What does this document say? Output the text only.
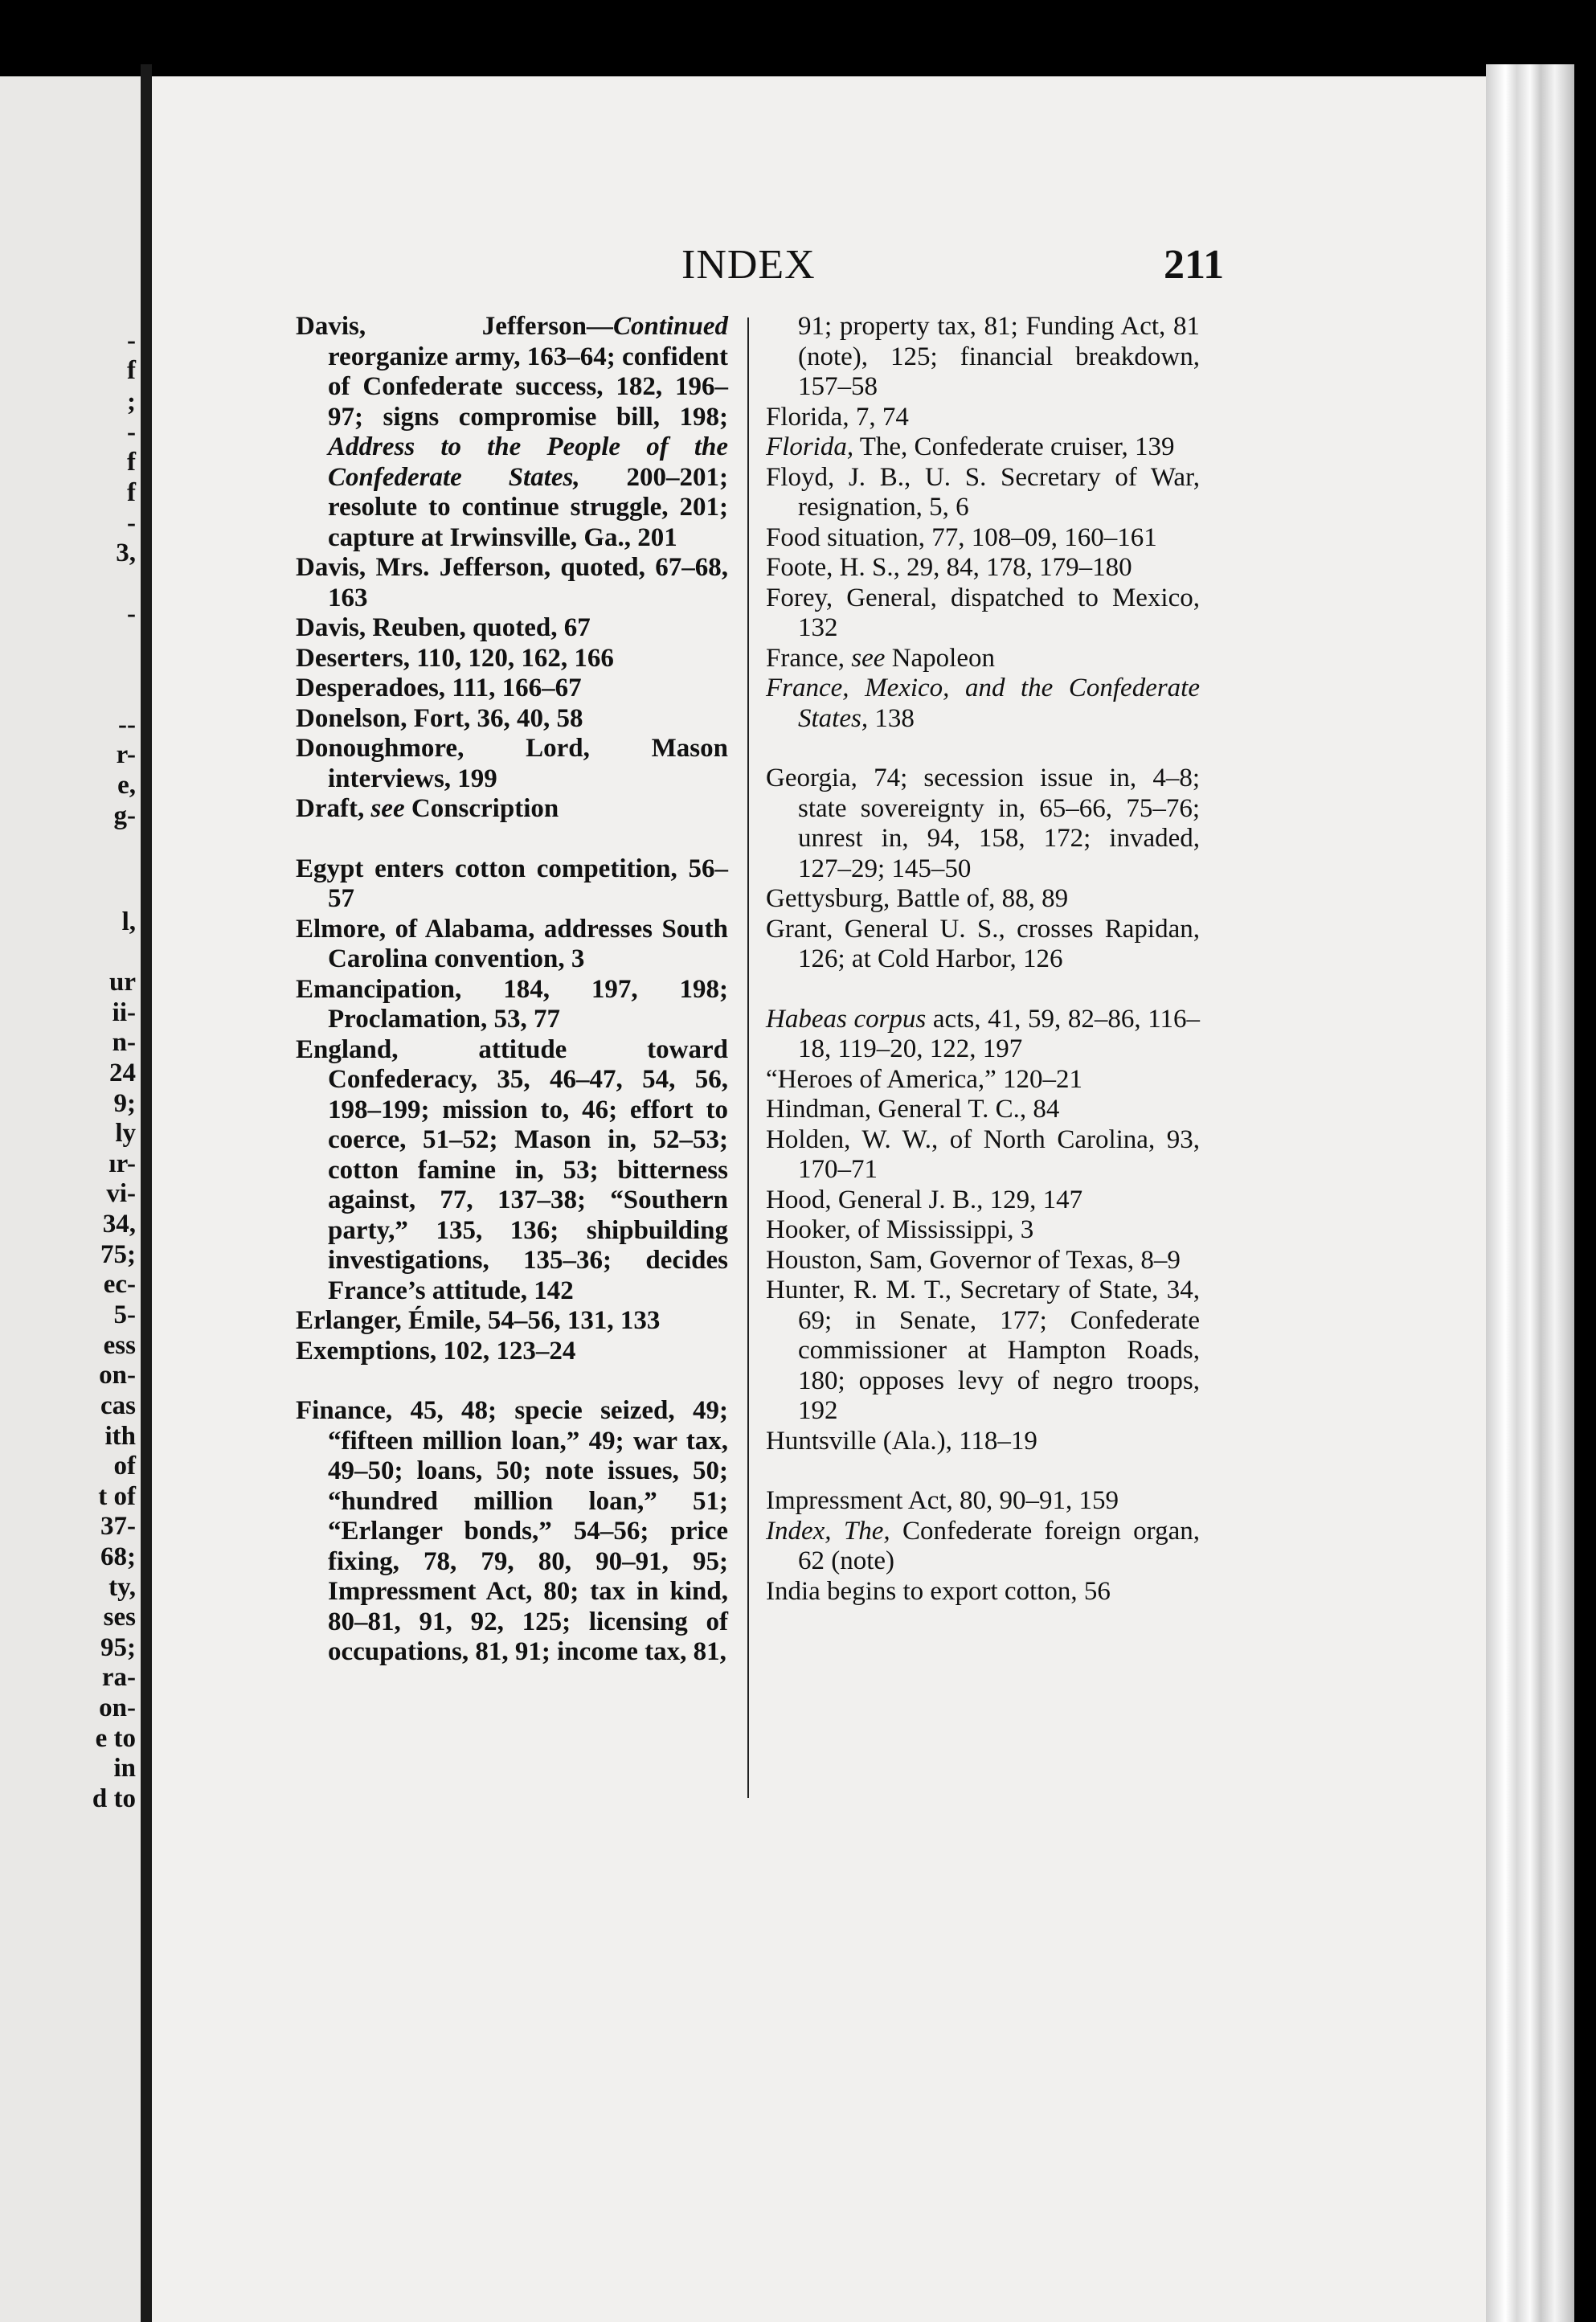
-
f
;
-
f
f
-
3,
-
--
r-
e,
g-
l,
ur
ii-
n-
24
9;
ly
ır-
vi-
34,
75;
ec-
5-
ess
on-
cas
ith
of
t of
37-
68;
ty,
ses
95;
ra-
on-
e to
in
d to
INDEX	211

Davis, Jefferson—Continued reorganize army, 163–64; confident of Confederate success, 182, 196–97; signs compromise bill, 198; Address to the People of the Confederate States, 200–201; resolute to continue struggle, 201; capture at Irwinsville, Ga., 201

Davis, Mrs. Jefferson, quoted, 67–68, 163

Davis, Reuben, quoted, 67

Deserters, 110, 120, 162, 166

Desperadoes, 111, 166–67

Donelson, Fort, 36, 40, 58

Donoughmore, Lord, Mason interviews, 199

Draft, see Conscription

Egypt enters cotton competition, 56–57

Elmore, of Alabama, addresses South Carolina convention, 3

Emancipation, 184, 197, 198; Proclamation, 53, 77

England, attitude toward Confederacy, 35, 46–47, 54, 56, 198–199; mission to, 46; effort to coerce, 51–52; Mason in, 52–53; cotton famine in, 53; bitterness against, 77, 137–38; “Southern party,” 135, 136; shipbuilding investigations, 135–36; decides France’s attitude, 142

Erlanger, Émile, 54–56, 131, 133

Exemptions, 102, 123–24

Finance, 45, 48; specie seized, 49; “fifteen million loan,” 49; war tax, 49–50; loans, 50; note issues, 50; “hundred million loan,” 51; “Erlanger bonds,” 54–56; price fixing, 78, 79, 80, 90–91, 95; Impressment Act, 80; tax in kind, 80–81, 91, 92, 125; licensing of occupations, 81, 91; income tax, 81,

91; property tax, 81; Funding Act, 81 (note), 125; financial breakdown, 157–58

Florida, 7, 74

Florida, The, Confederate cruiser, 139

Floyd, J. B., U. S. Secretary of War, resignation, 5, 6

Food situation, 77, 108–09, 160–161

Foote, H. S., 29, 84, 178, 179–180

Forey, General, dispatched to Mexico, 132

France, see Napoleon

France, Mexico, and the Confederate States, 138

Georgia, 74; secession issue in, 4–8; state sovereignty in, 65–66, 75–76; unrest in, 94, 158, 172; invaded, 127–29; 145–50

Gettysburg, Battle of, 88, 89

Grant, General U. S., crosses Rapidan, 126; at Cold Harbor, 126

Habeas corpus acts, 41, 59, 82–86, 116–18, 119–20, 122, 197

“Heroes of America,” 120–21

Hindman, General T. C., 84

Holden, W. W., of North Carolina, 93, 170–71

Hood, General J. B., 129, 147

Hooker, of Mississippi, 3

Houston, Sam, Governor of Texas, 8–9

Hunter, R. M. T., Secretary of State, 34, 69; in Senate, 177; Confederate commissioner at Hampton Roads, 180; opposes levy of negro troops, 192

Huntsville (Ala.), 118–19

Impressment Act, 80, 90–91, 159

Index, The, Confederate foreign organ, 62 (note)

India begins to export cotton, 56
